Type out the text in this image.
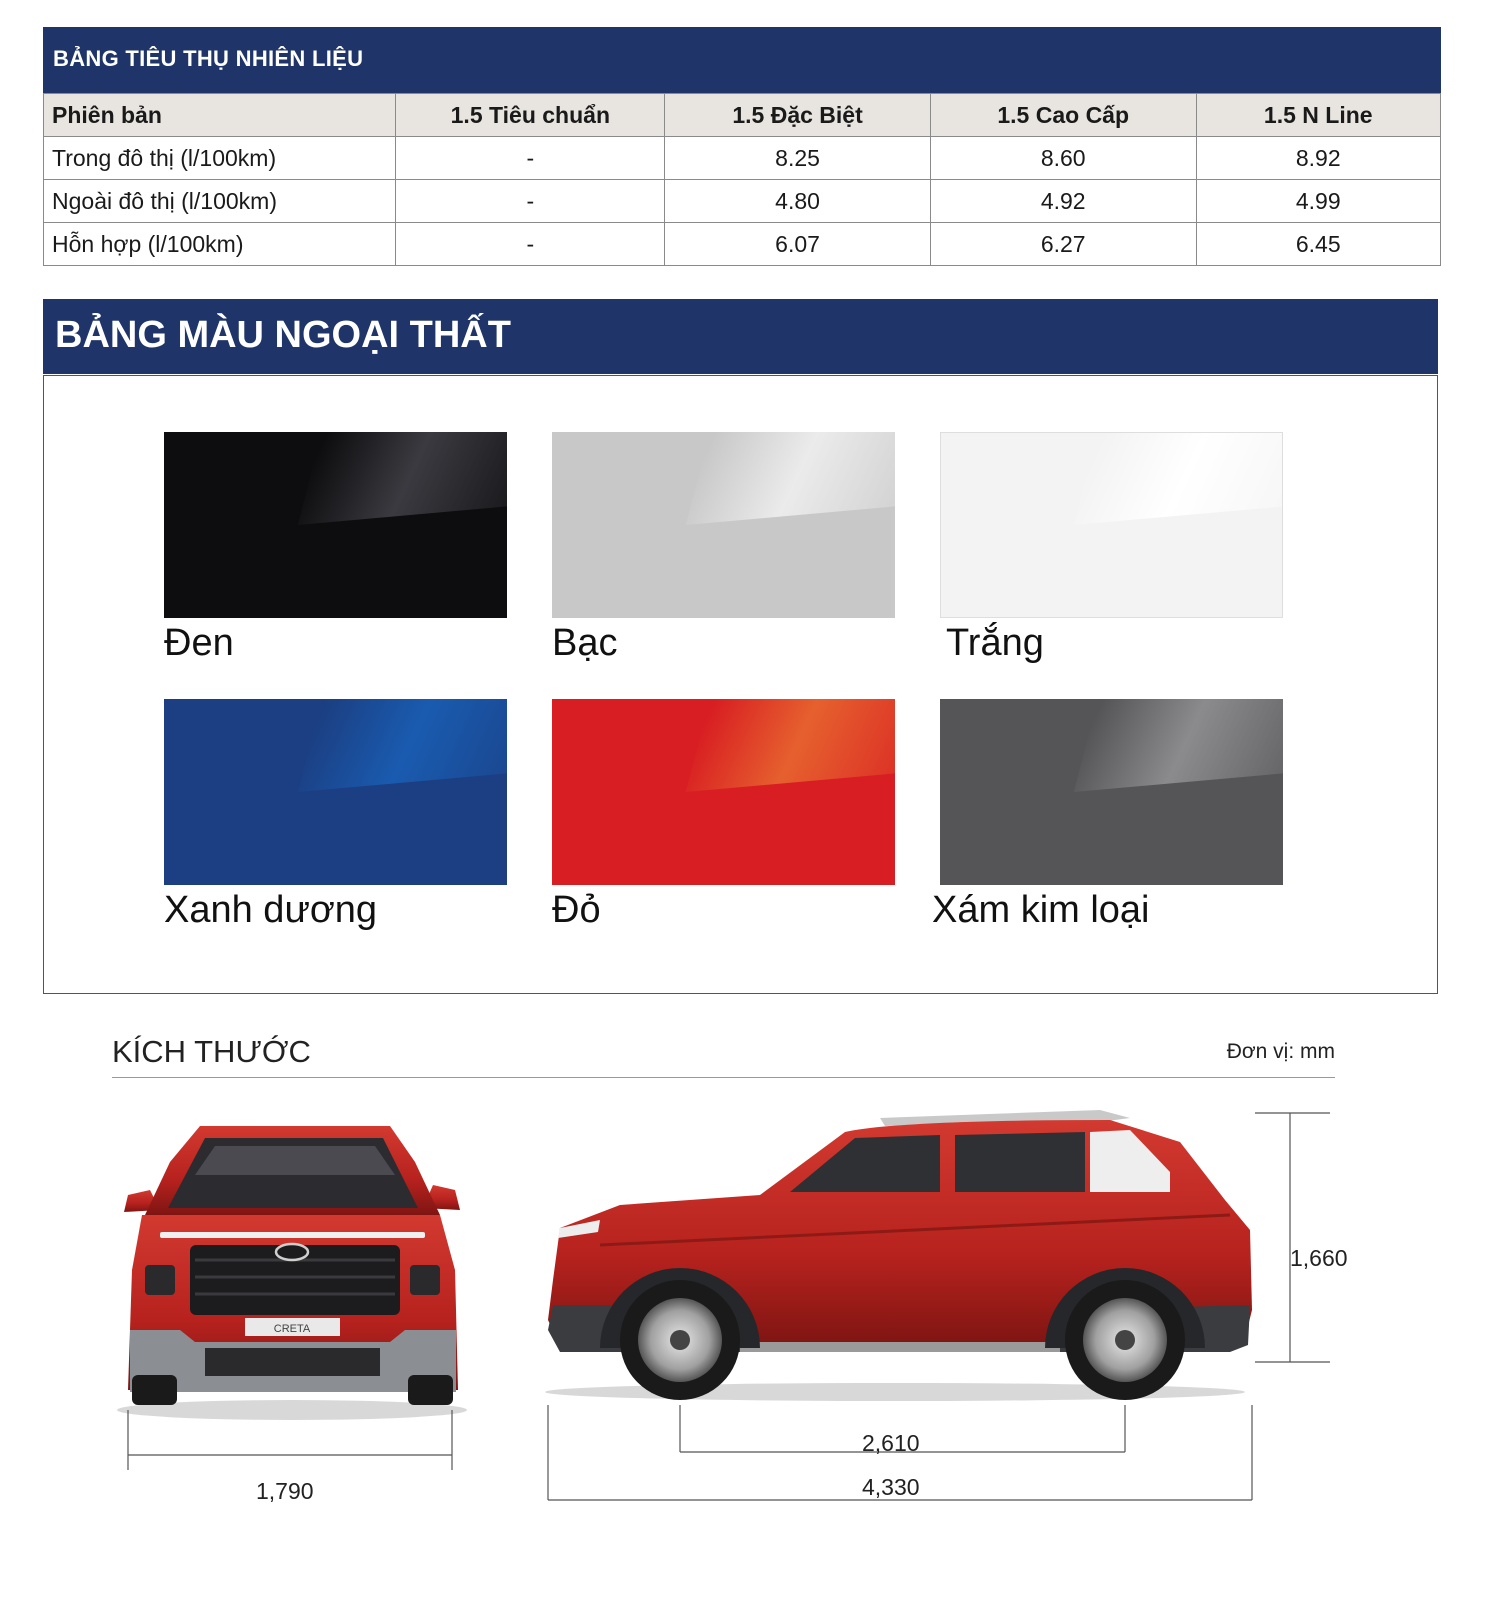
BẢNG TIÊU THỤ NHIÊN LIỆU
Phiên bản	1.5 Tiêu chuẩn	1.5 Đặc Biệt	1.5 Cao Cấp	1.5 N Line
Trong đô thị (l/100km)	-	8.25	8.60	8.92
Ngoài đô thị (l/100km)	-	4.80	4.92	4.99
Hỗn hợp (l/100km)	-	6.07	6.27	6.45
BẢNG MÀU NGOẠI THẤT
Đen	Bạc	Trắng
Xanh dương	Đỏ	Xám kim loại
KÍCH THƯỚC	Đơn vị: mm
CRETA
1,790
1,660
2,610
4,330
